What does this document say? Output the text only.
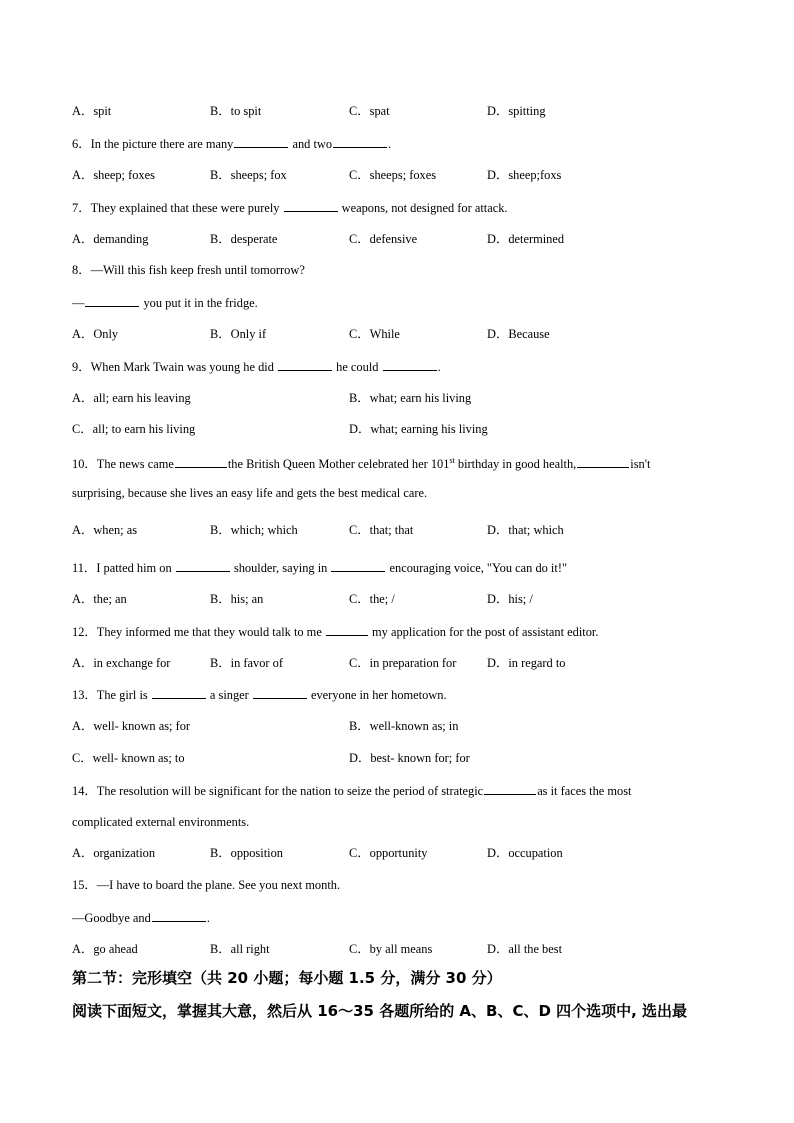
A．spit	B．to spit	C．spat	D．spitting
6．In the picture there are many	and two	.
A．sheep; foxes	B．sheeps; fox	C．sheeps; foxes	D．sheep;foxs
7．They explained that these were purely	weapons, not designed for attack.
A．demanding	B．desperate	C．defensive	D．determined
8．—Will this fish keep fresh until tomorrow?
—	you put it in the fridge.
A．Only	B．Only if	C．While	D．Because
9．When Mark Twain was young he did	he could	.
A．all; earn his leaving	B．what; earn his living
C．all; to earn his living	D．what; earning his living
10．The news came	the British Queen Mother celebrated her 101st birthday in good health,	isn't
surprising, because she lives an easy life and gets the best medical care.
A．when; as	B．which; which	C．that; that	D．that; which
11．I patted him on	shoulder, saying in	encouraging voice, "You can do it!"
A．the; an	B．his; an	C．the; /	D．his; /
12．They informed me that they would talk to me	my application for the post of assistant editor.
A．in exchange for	B．in favor of	C．in preparation for D．in regard to
13．The girl is	a singer	everyone in her hometown.
A．well- known as; for	B．well-known as; in
C．well- known as; to	D．best- known for; for
14．The resolution will be significant for the nation to seize the period of strategic	as it faces the most
complicated external environments.
A．organization	B．opposition	C．opportunity	D．occupation
15．—I have to board the plane. See you next month.
—Goodbye and	.
A．go ahead	B．all right	C．by all means	D．all the best
第二节：完形填空（共 20 小题；每小题 1.5 分，满分 30 分）
阅读下面短文，掌握其大意，然后从 16～35 各题所给的 A、B、C、D 四个选项中, 选出最
